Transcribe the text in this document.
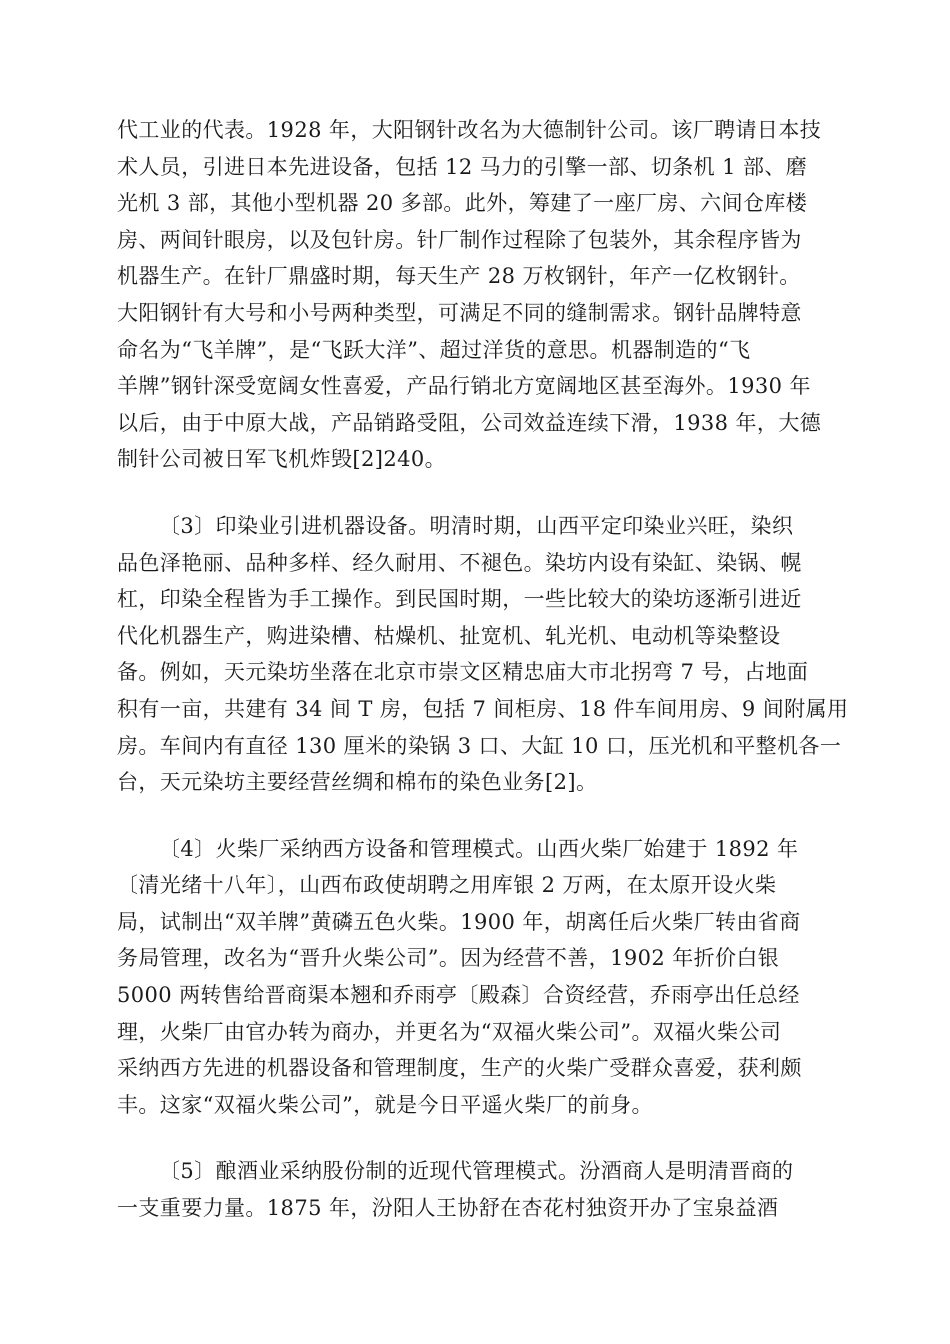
代工业的代表。1928 年，大阳钢针改名为大德制针公司。该厂聘请日本技
术人员，引进日本先进设备，包括 12 马力的引擎一部、切条机 1 部、磨
光机 3 部，其他小型机器 20 多部。此外，筹建了一座厂房、六间仓库楼
房、两间针眼房，以及包针房。针厂制作过程除了包装外，其余程序皆为
机器生产。在针厂鼎盛时期，每天生产 28 万枚钢针，年产一亿枚钢针。
大阳钢针有大号和小号两种类型，可满足不同的缝制需求。钢针品牌特意
命名为“飞羊牌”，是“飞跃大洋”、超过洋货的意思。机器制造的“飞
羊牌”钢针深受宽阔女性喜爱，产品行销北方宽阔地区甚至海外。1930 年
以后，由于中原大战，产品销路受阻，公司效益连续下滑，1938 年，大德
制针公司被日军飞机炸毁[2]240。
〔3〕印染业引进机器设备。明清时期，山西平定印染业兴旺，染织
品色泽艳丽、品种多样、经久耐用、不褪色。染坊内设有染缸、染锅、幌
杠，印染全程皆为手工操作。到民国时期，一些比较大的染坊逐渐引进近
代化机器生产，购进染槽、枯燥机、扯宽机、轧光机、电动机等染整设
备。例如，天元染坊坐落在北京市崇文区精忠庙大市北拐弯 7 号，占地面
积有一亩，共建有 34 间 T 房，包括 7 间柜房、18 件车间用房、9 间附属用
房。车间内有直径 130 厘米的染锅 3 口、大缸 10 口，压光机和平整机各一
台，天元染坊主要经营丝绸和棉布的染色业务[2]。
〔4〕火柴厂采纳西方设备和管理模式。山西火柴厂始建于 1892 年
〔清光绪十八年〕，山西布政使胡聘之用库银 2 万两，在太原开设火柴
局，试制出“双羊牌”黄磷五色火柴。1900 年，胡离任后火柴厂转由省商
务局管理，改名为“晋升火柴公司”。因为经营不善，1902 年折价白银
5000 两转售给晋商渠本翘和乔雨亭〔殿森〕合资经营，乔雨亭出任总经
理，火柴厂由官办转为商办，并更名为“双福火柴公司”。双福火柴公司
采纳西方先进的机器设备和管理制度，生产的火柴广受群众喜爱，获利颇
丰。这家“双福火柴公司”，就是今日平遥火柴厂的前身。
〔5〕酿酒业采纳股份制的近现代管理模式。汾酒商人是明清晋商的
一支重要力量。1875 年，汾阳人王协舒在杏花村独资开办了宝泉益酒
